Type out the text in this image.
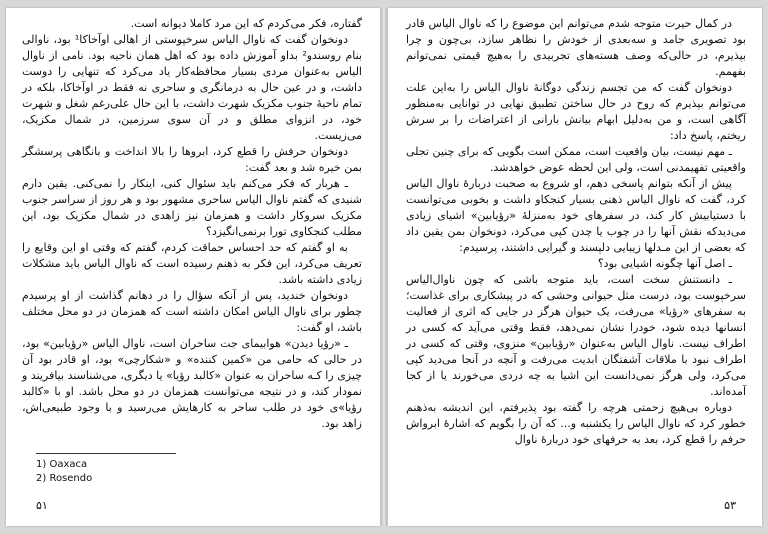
گفتاره، فکر می‌کردم که این مرد کاملا دیوانه است.

دونخوان گفت که ناوال الیاس سرخپوستی از اهالی اوآخاکا¹ بود، ناوالی بنام روسندو² بداو آموزش داده بود که اهل همان ناحیه بود. نامی از ناوال الیاس به‌عنوان مردی بسیار محافظه‌کار یاد می‌کرد که تنهایی را دوست داشت، و در عین حال به درمانگری و ساحری نه فقط در اوآخاکا، بلکه در تمام ناحیهٔ جنوب مکزیک شهرت داشت، با این حال علی‌رغم شغل و شهرت خود، در انزوای مطلق و در آن سوی سرزمین، در شمال مکزیک، می‌زیست.

دونخوان حرفش را قطع کرد، ابروها را بالا انداخت و بانگاهی پرسشگر بمن خیره شد و بعد گفت:

ـ هربار که فکر می‌کنم باید سئوال کنی، اینکار را نمی‌کنی. یقین دارم شنیدی که گفتم ناوال الیاس ساحری مشهور بود و هر روز از سراسر جنوب مکزیک سروکار داشت و همزمان نیز زاهدی در شمال مکزیک بود، این مطلب کنجکاوی تورا برنمی‌انگیزد؟

به او گفتم که حد احساس حماقت کردم، گفتم که وقتی او این وقایع را تعریف می‌کرد، این فکر به ذهنم رسیده است که ناوال الیاس باید مشکلات زیادی داشته باشد.

دونخوان خندید، پس از آنکه سؤال را در دهانم گذاشت از او پرسیدم چطور برای ناوال الیاس امکان داشته است که همزمان در دو محل مختلف باشد، او گفت:

ـ «رؤیا دیدن» هوابیمای جت ساحران است، ناوال الیاس «رؤیابین» بود، در حالی که حامی من «کمین کننده» و «شکارچی» بود، او قادر بود آن چیزی را کـه ساحران به عنوان «کالبد رؤیا» یا دیگری، می‌شناسند بیافریند و نمودار کند، و در نتیجه می‌توانست همزمان در دو محل باشد. او با «کالبد رؤیا»ی خود در طلب ساحر به کارهایش می‌رسید و با وجود طبیعی‌اش، زاهد بود.

1) Oaxaca
2) Rosendo
۵۱

در کمال حیرت متوجه شدم می‌توانم این موضوع را که ناوال الیاس قادر بود تصویری جامد و سه‌بعدی از خودش را نظاهر سازد، بی‌چون و چرا بپذیرم، در حالی‌که وصف هسته‌های تجربیدی را به‌هیچ قیمتی نمی‌توانم بفهمم.

دونخوان گفت که من تجسم زندگی دوگانهٔ ناوال الیاس را به‌این علت می‌توانم بپذیرم که روح در حال ساختن تطبیق نهایی در توانایی به‌منظور آگاهی است، و من به‌دلیل ابهام بیانش بارانی از اعتراضات را بر سرش ریختم، پاسخ داد:

ـ مهم نیست، بیان واقعیت است، ممکن است بگویی که برای چنین تجلی واقعیتی تفهیمدنی است، ولی این لحظه عوض خواهدشد.

پیش از آنکه بتوانم پاسخی دهم، او شروع به صحبت دربارهٔ ناوال الیاس کرد، گفت که ناوال الیاس ذهنی بسیار کنجکاو داشت و بخوبی می‌توانست با دستیابیش کار کند، در سفرهای خود به‌منزلهٔ «رؤیابین» اشیای زیادی می‌دیدکه نقش آنها را در چوب یا چدن کپی می‌کرد، دونخوان بمن یقین داد که بعضی از این مـدلها زیبایی دلپسند و گیرایی داشتند، پرسیدم:

ـ اصل آنها چگونه اشیایی بود؟

ـ دانستنش سخت است، باید متوجه باشی که چون ناوال‌الیاس سرخپوست بود، درست مثل حیوانی وحشی که در پیشکاری برای غذاست؛ به سفرهای «رؤیا» می‌رفت، یک حیوان هرگز در جایی که اثری از فعالیت انسانها دیده شود، خودرا نشان نمی‌دهد، فقط وقتی می‌آید که کسی در اطراف نیست. ناوال الیاس به‌عنوان «رؤیابین» منزوی، وقتی که کسی در اطراف نبود با ملاقات آشفتگان ابدیت می‌رفت و آنچه در آنجا می‌دید کپی می‌کرد، ولی هرگز نمی‌دانست این اشیا به چه دردی می‌خورند یا از کجا آمده‌اند.

دوباره بی‌هیچ زحمتی هرچه را گفته بود پذیرفتم، این اندیشه به‌ذهنم خطور کرد که ناوال الیاس را یکشنبه و... که آن را بگویم که اشارهٔ ابرواش حرفم را قطع کرد، بعد به حرفهای خود دربارهٔ ناوال

۵۳
